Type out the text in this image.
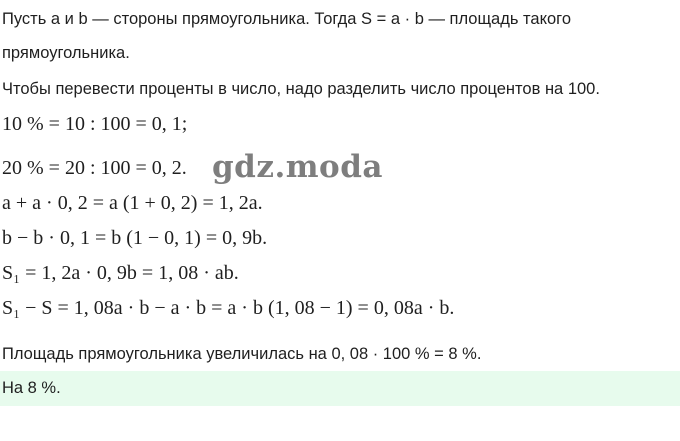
Пусть a и b — стороны прямоугольника. Тогда S = a · b — площадь такого
прямоугольника.
Чтобы перевести проценты в число, надо разделить число процентов на 100.
10 % = 10 : 100 = 0, 1;
20 % = 20 : 100 = 0, 2.
a + a · 0, 2 = a (1 + 0, 2) = 1, 2a.
b − b · 0, 1 = b (1 − 0, 1) = 0, 9b.
S₁ = 1, 2a · 0, 9b = 1, 08 · ab.
S₁ − S = 1, 08a · b − a · b = a · b (1, 08 − 1) = 0, 08a · b.
Площадь прямоугольника увеличилась на 0, 08 · 100 % = 8 %.
gdz.moda
На 8 %.
